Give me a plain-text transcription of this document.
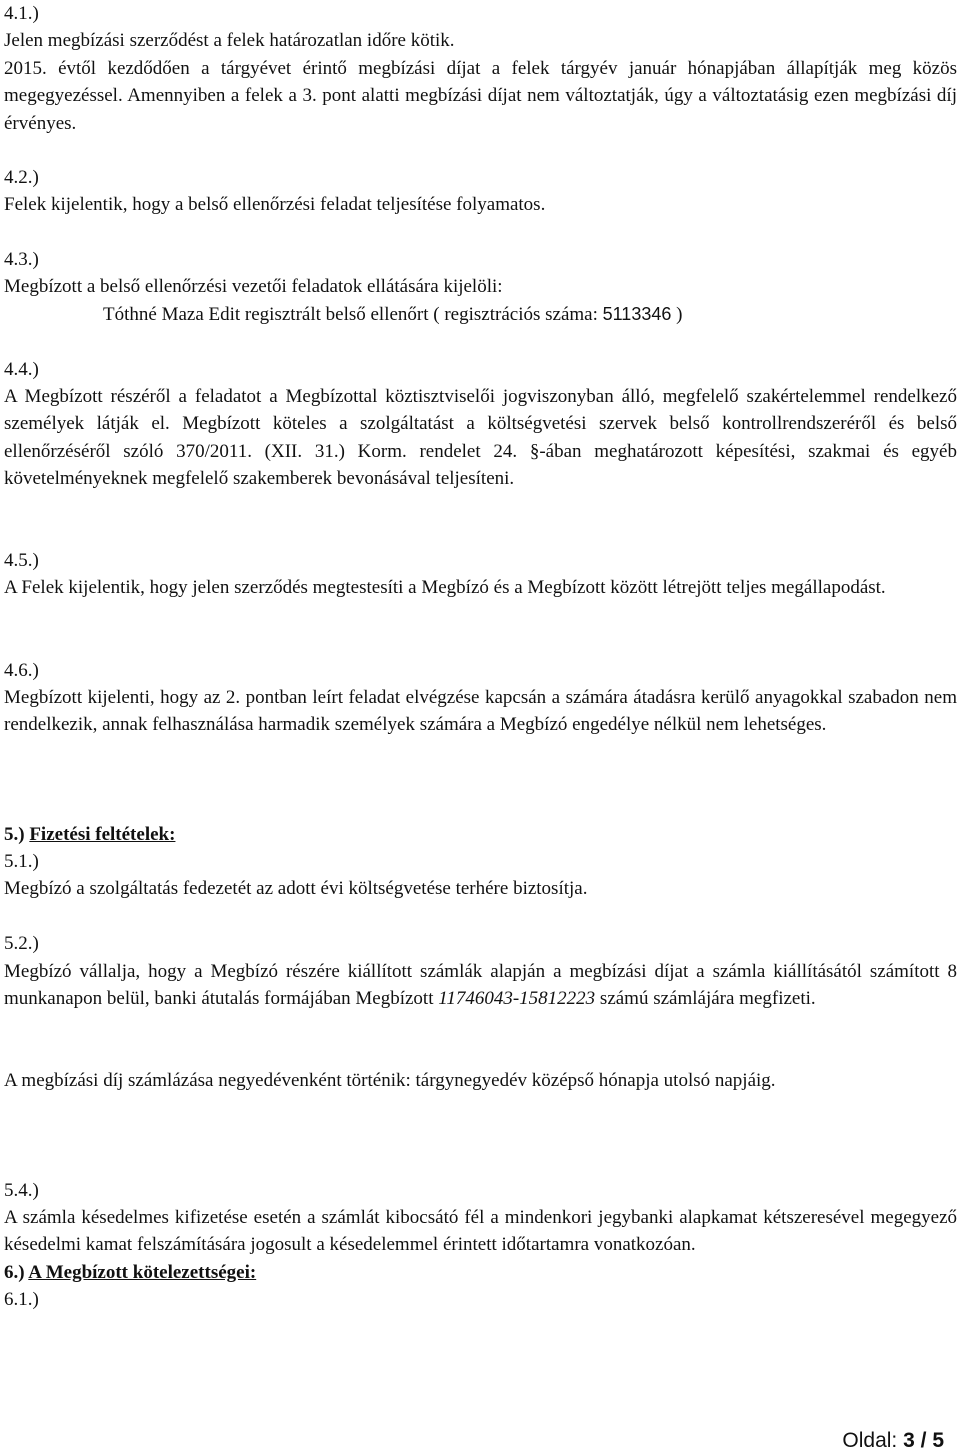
4.1.)

Jelen megbízási szerződést a felek határozatlan időre kötik.

2015. évtől kezdődően a tárgyévet érintő megbízási díjat a felek tárgyév január hónapjában állapítják meg közös megegyezéssel. Amennyiben a felek a 3. pont alatti megbízási díjat nem változtatják, úgy a változtatásig ezen megbízási díj érvényes.

4.2.)

Felek kijelentik, hogy a belső ellenőrzési feladat teljesítése folyamatos.

4.3.)

Megbízott a belső ellenőrzési vezetői feladatok ellátására kijelöli:

Tóthné Maza Edit regisztrált belső ellenőrt ( regisztrációs száma: 5113346 )

4.4.)

A Megbízott részéről a feladatot a Megbízottal köztisztviselői jogviszonyban álló, megfelelő szakértelemmel rendelkező személyek látják el. Megbízott köteles a szolgáltatást a költségvetési szervek belső kontrollrendszeréről és belső ellenőrzéséről szóló 370/2011. (XII. 31.) Korm. rendelet 24. §-ában meghatározott képesítési, szakmai és egyéb követelményeknek megfelelő szakemberek bevonásával teljesíteni.

4.5.)

A Felek kijelentik, hogy jelen szerződés megtestesíti a Megbízó és a Megbízott között létrejött teljes megállapodást.

4.6.)

Megbízott kijelenti, hogy az 2. pontban leírt feladat elvégzése kapcsán a számára átadásra kerülő anyagokkal szabadon nem rendelkezik, annak felhasználása harmadik személyek számára a Megbízó engedélye nélkül nem lehetséges.

5.) Fizetési feltételek:

5.1.)

Megbízó a szolgáltatás fedezetét az adott évi költségvetése terhére biztosítja.

5.2.)

Megbízó vállalja, hogy a Megbízó részére kiállított számlák alapján a megbízási díjat a számla kiállításától számított 8 munkanapon belül, banki átutalás formájában Megbízott 11746043-15812223 számú számlájára megfizeti.

A megbízási díj számlázása negyedévenként történik: tárgynegyedév középső hónapja utolsó napjáig.

5.4.)

A számla késedelmes kifizetése esetén a számlát kibocsátó fél a mindenkori jegybanki alapkamat kétszeresével megegyező késedelmi kamat felszámítására jogosult a késedelemmel érintett időtartamra vonatkozóan.

6.) A Megbízott kötelezettségei:

6.1.)

Oldal: 3 / 5
